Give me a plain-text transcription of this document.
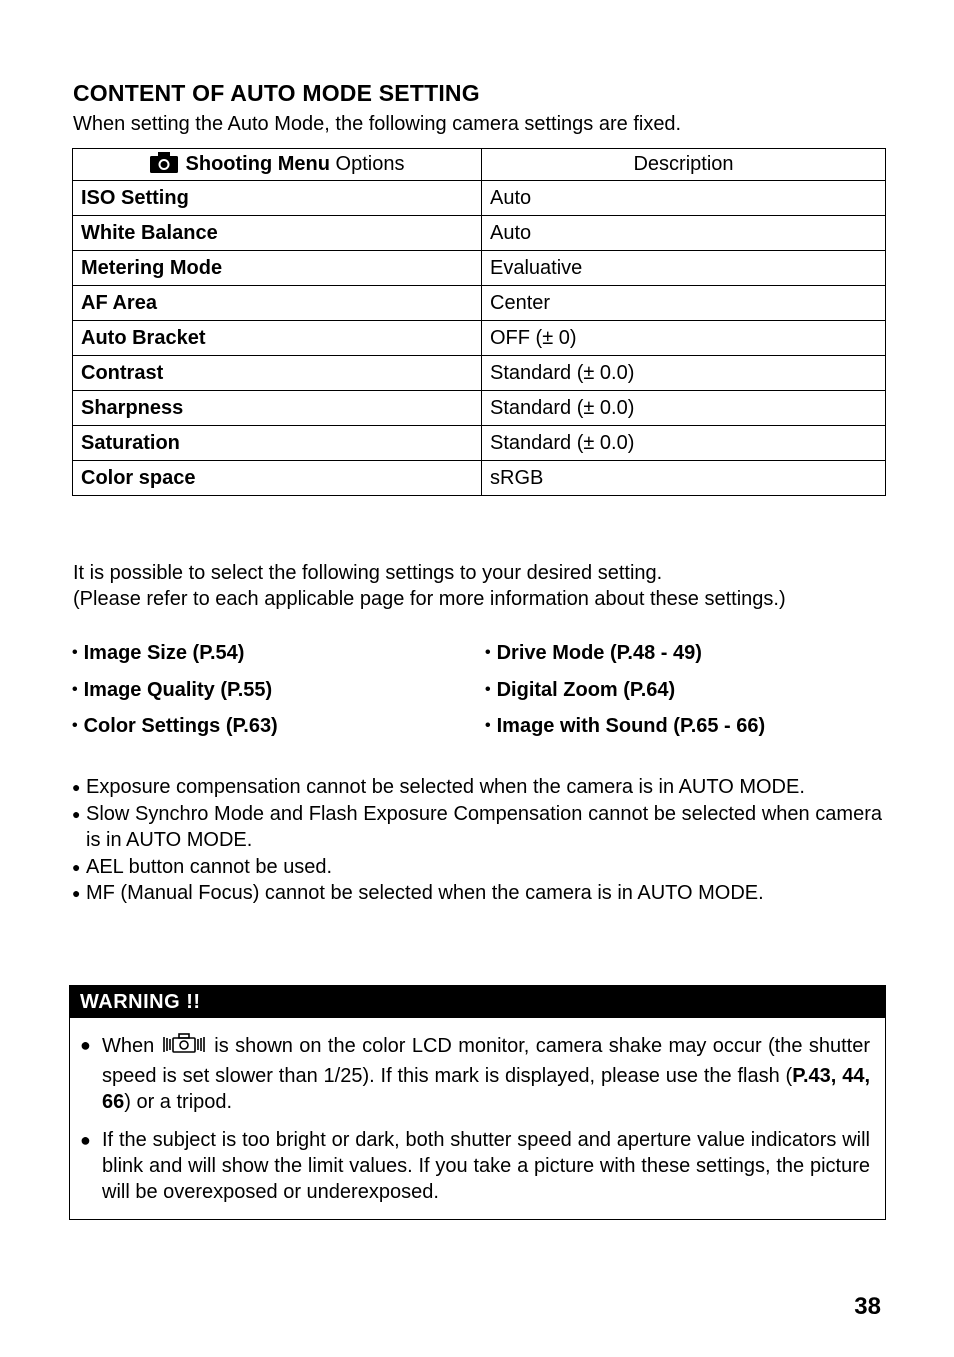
CONTENT OF AUTO MODE SETTING
When setting the Auto Mode, the following camera settings are fixed.
Shooting Menu Options	Description
ISO Setting	Auto
White Balance	Auto
Metering Mode	Evaluative
AF Area	Center
Auto Bracket	OFF (± 0)
Contrast	Standard (± 0.0)
Sharpness	Standard (± 0.0)
Saturation	Standard (± 0.0)
Color space	sRGB
It is possible to select the following settings to your desired setting.
(Please refer to each applicable page for more information about these settings.)
• Image Size (P.54)
• Image Quality (P.55)
• Color Settings (P.63)
• Drive Mode (P.48 - 49)
• Digital Zoom (P.64)
• Image with Sound (P.65 - 66)
● Exposure compensation cannot be selected when the camera is in AUTO MODE.
● Slow Synchro Mode and Flash Exposure Compensation cannot be selected when camera is in AUTO MODE.
● AEL button cannot be used.
● MF (Manual Focus) cannot be selected when the camera is in AUTO MODE.
WARNING !!
● When	is shown on the color LCD monitor, camera shake may occur (the shutter speed is set slower than 1/25). If this mark is displayed, please use the flash (P.43, 44, 66) or a tripod.
● If the subject is too bright or dark, both shutter speed and aperture value indicators will blink and will show the limit values. If you take a picture with these settings, the picture will be overexposed or underexposed.
38
